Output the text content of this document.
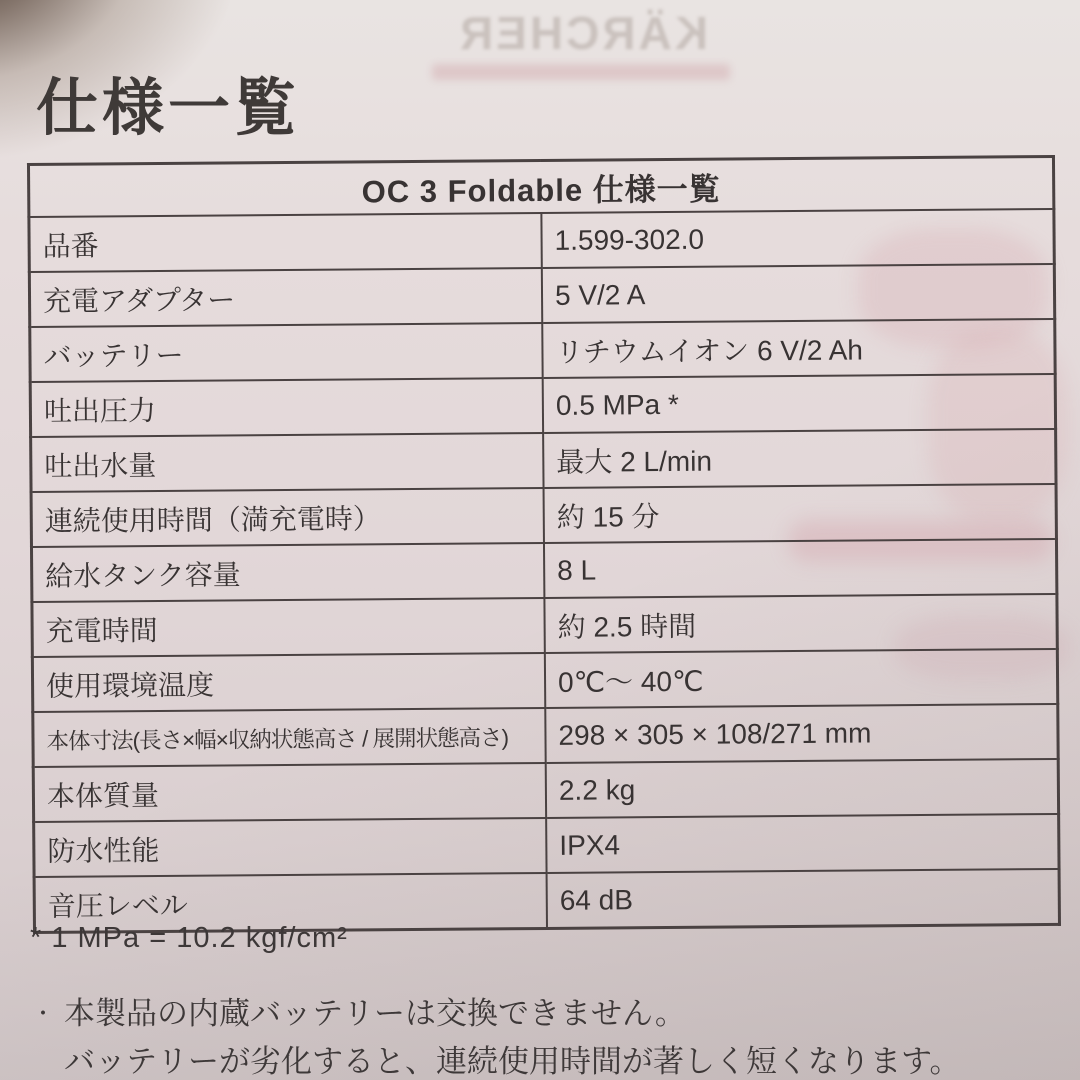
KÄRCHER
仕様一覧
OC 3 Foldable 仕様一覧	
品番	1.599-302.0
充電アダプター	5 V/2 A
バッテリー	リチウムイオン 6 V/2 Ah
吐出圧力	0.5 MPa *
吐出水量	最大 2 L/min
連続使用時間（満充電時）	約 15 分
給水タンク容量	8 L
充電時間	約 2.5 時間
使用環境温度	0℃～ 40℃
本体寸法(長さ×幅×収納状態高さ / 展開状態高さ)	298 × 305 × 108/271 mm
本体質量	2.2 kg
防水性能	IPX4
音圧レベル	64 dB
* 1 MPa = 10.2 kgf/cm²
・ 本製品の内蔵バッテリーは交換できません。
バッテリーが劣化すると、連続使用時間が著しく短くなります。
